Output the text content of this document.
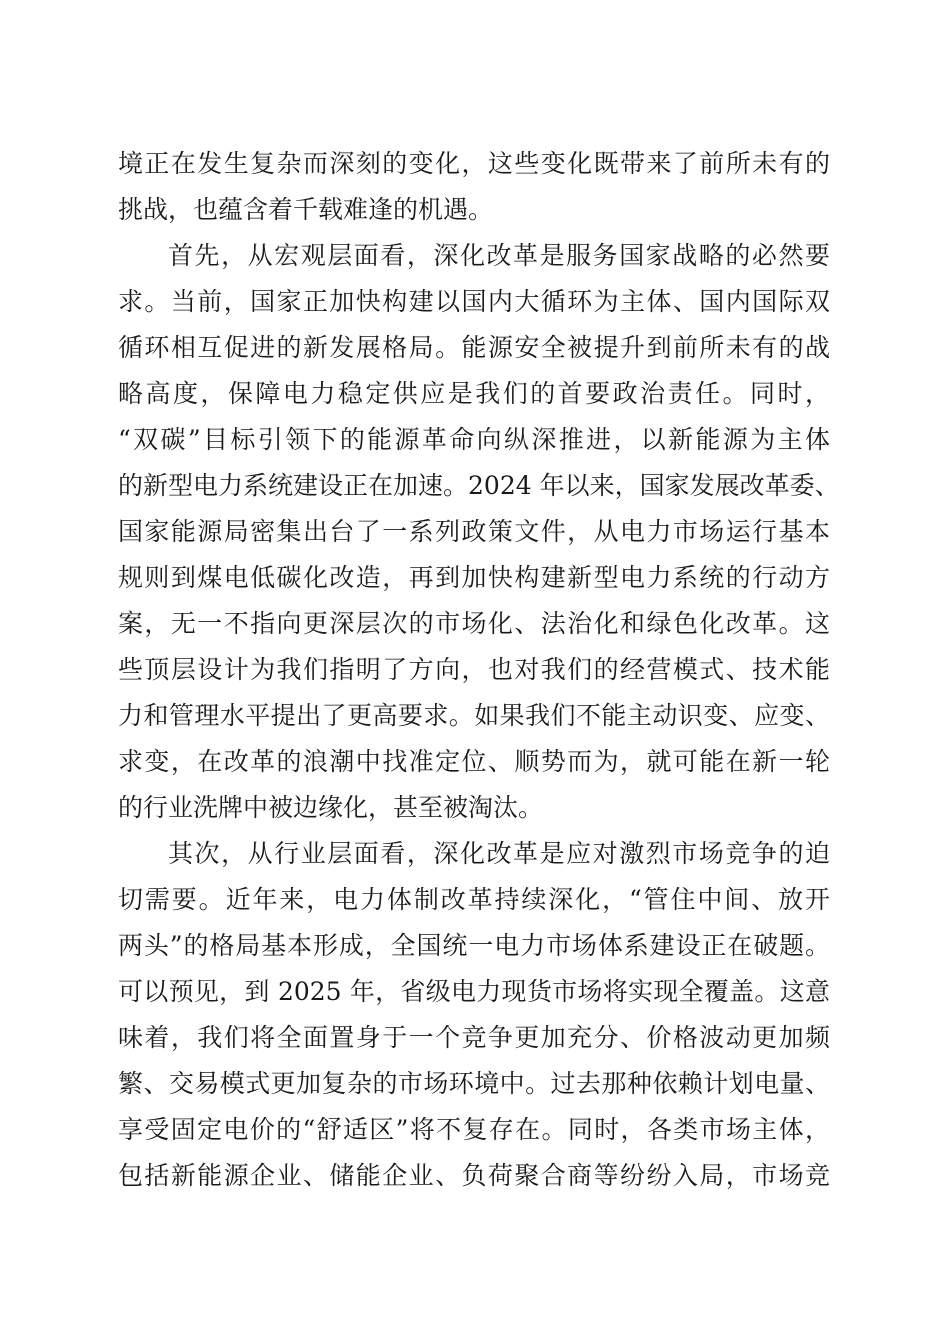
境正在发生复杂而深刻的变化，这些变化既带来了前所未有的
挑战，也蕴含着千载难逢的机遇。
首先，从宏观层面看，深化改革是服务国家战略的必然要
求。当前，国家正加快构建以国内大循环为主体、国内国际双
循环相互促进的新发展格局。能源安全被提升到前所未有的战
略高度，保障电力稳定供应是我们的首要政治责任。同时，
“双碳”目标引领下的能源革命向纵深推进，以新能源为主体
的新型电力系统建设正在加速。2024 年以来，国家发展改革委、
国家能源局密集出台了一系列政策文件，从电力市场运行基本
规则到煤电低碳化改造，再到加快构建新型电力系统的行动方
案，无一不指向更深层次的市场化、法治化和绿色化改革。这
些顶层设计为我们指明了方向，也对我们的经营模式、技术能
力和管理水平提出了更高要求。如果我们不能主动识变、应变、
求变，在改革的浪潮中找准定位、顺势而为，就可能在新一轮
的行业洗牌中被边缘化，甚至被淘汰。
其次，从行业层面看，深化改革是应对激烈市场竞争的迫
切需要。近年来，电力体制改革持续深化，“管住中间、放开
两头”的格局基本形成，全国统一电力市场体系建设正在破题。
可以预见，到 2025 年，省级电力现货市场将实现全覆盖。这意
味着，我们将全面置身于一个竞争更加充分、价格波动更加频
繁、交易模式更加复杂的市场环境中。过去那种依赖计划电量、
享受固定电价的“舒适区”将不复存在。同时，各类市场主体，
包括新能源企业、储能企业、负荷聚合商等纷纷入局，市场竞
